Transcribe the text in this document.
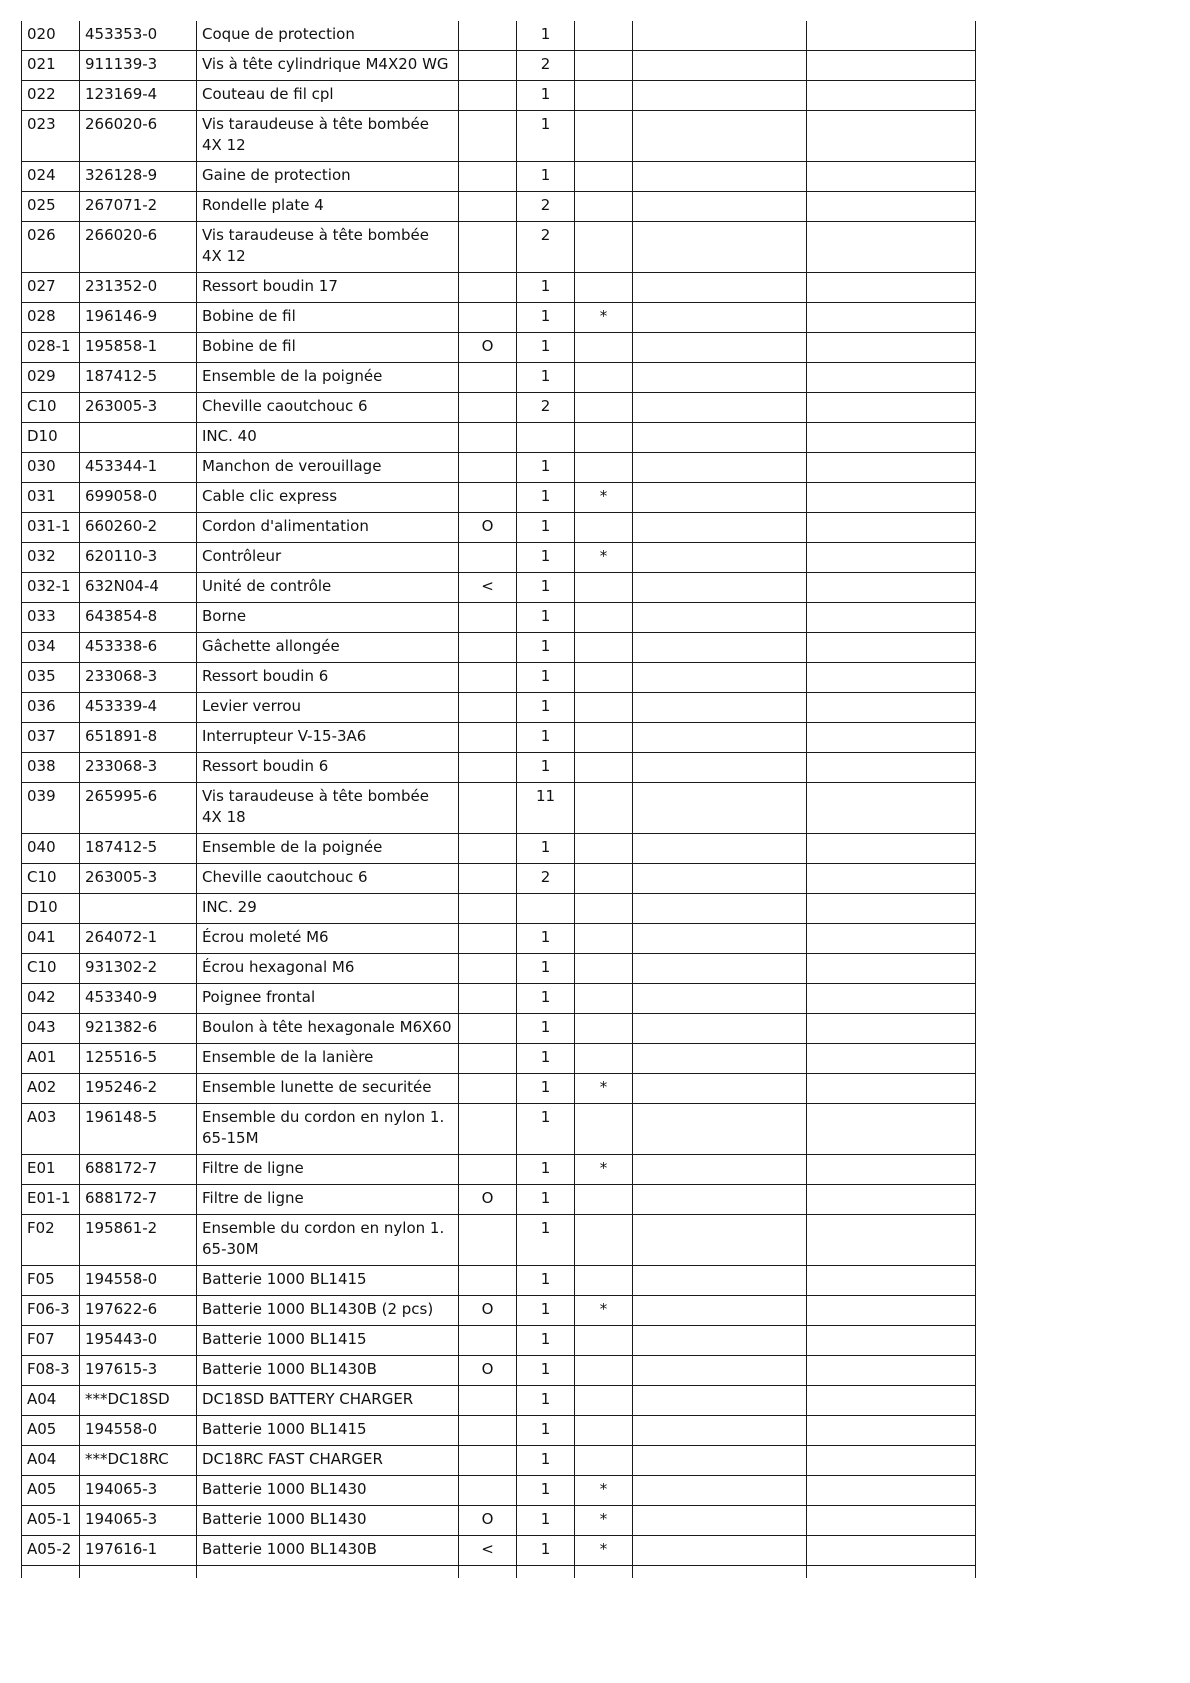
020	453353-0	Coque de protection		1			
021	911139-3	Vis à tête cylindrique M4X20 WG		2			
022	123169-4	Couteau de fil cpl		1			
023	266020-6	Vis taraudeuse à tête bombée 4X 12		1			
024	326128-9	Gaine de protection		1			
025	267071-2	Rondelle plate 4		2			
026	266020-6	Vis taraudeuse à tête bombée 4X 12		2			
027	231352-0	Ressort boudin 17		1			
028	196146-9	Bobine de fil		1	*		
028-1	195858-1	Bobine de fil	O	1			
029	187412-5	Ensemble de la poignée		1			
C10	263005-3	Cheville caoutchouc 6		2			
D10		INC. 40					
030	453344-1	Manchon de verouillage		1			
031	699058-0	Cable clic express		1	*		
031-1	660260-2	Cordon d'alimentation	O	1			
032	620110-3	Contrôleur		1	*		
032-1	632N04-4	Unité de contrôle	<	1			
033	643854-8	Borne		1			
034	453338-6	Gâchette allongée		1			
035	233068-3	Ressort boudin 6		1			
036	453339-4	Levier verrou		1			
037	651891-8	Interrupteur V-15-3A6		1			
038	233068-3	Ressort boudin 6		1			
039	265995-6	Vis taraudeuse à tête bombée 4X 18		11			
040	187412-5	Ensemble de la poignée		1			
C10	263005-3	Cheville caoutchouc 6		2			
D10		INC. 29					
041	264072-1	Écrou moleté M6		1			
C10	931302-2	Écrou hexagonal M6		1			
042	453340-9	Poignee frontal		1			
043	921382-6	Boulon à tête hexagonale M6X60		1			
A01	125516-5	Ensemble de la lanière		1			
A02	195246-2	Ensemble lunette de securitée		1	*		
A03	196148-5	Ensemble du cordon en nylon 1. 65-15M		1			
E01	688172-7	Filtre de ligne		1	*		
E01-1	688172-7	Filtre de ligne	O	1			
F02	195861-2	Ensemble du cordon en nylon 1. 65-30M		1			
F05	194558-0	Batterie 1000 BL1415		1			
F06-3	197622-6	Batterie 1000 BL1430B (2 pcs)	O	1	*		
F07	195443-0	Batterie 1000 BL1415		1			
F08-3	197615-3	Batterie 1000 BL1430B	O	1			
A04	***DC18SD	DC18SD BATTERY CHARGER		1			
A05	194558-0	Batterie 1000 BL1415		1			
A04	***DC18RC	DC18RC FAST CHARGER		1			
A05	194065-3	Batterie 1000 BL1430		1	*		
A05-1	194065-3	Batterie 1000 BL1430	O	1	*		
A05-2	197616-1	Batterie 1000 BL1430B	<	1	*		
